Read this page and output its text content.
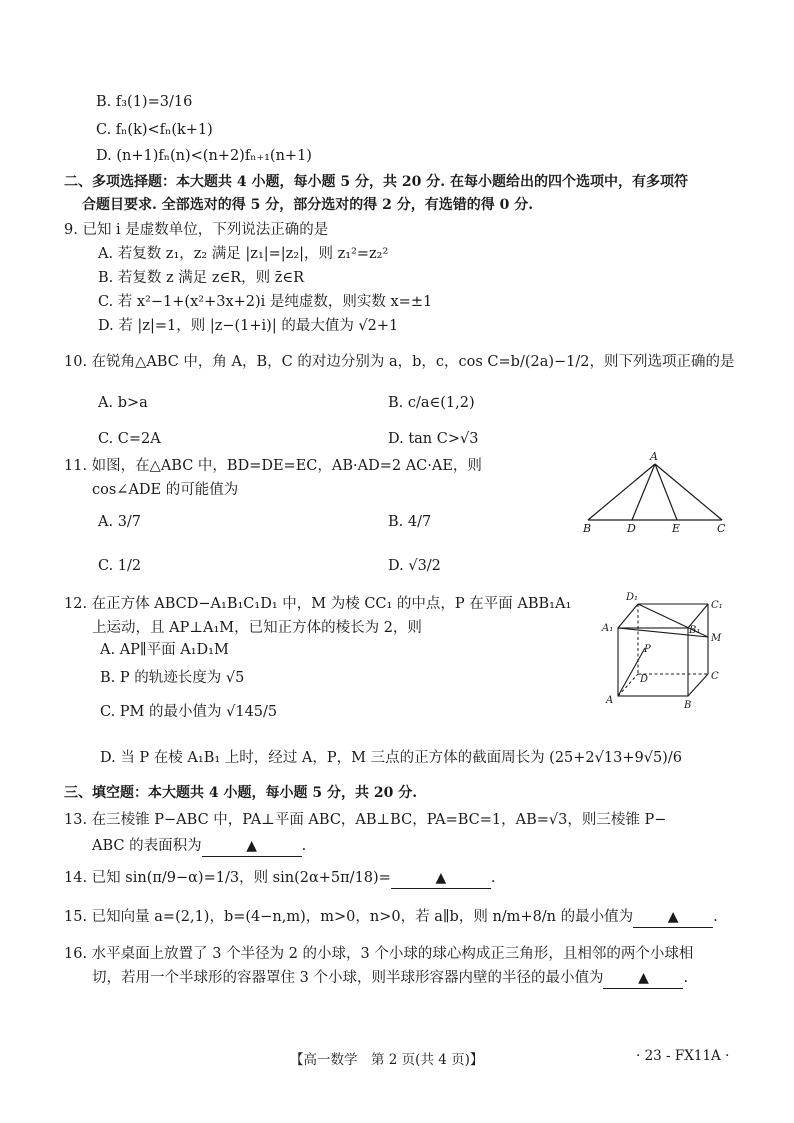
B. f₃(1)=3/16
C. fₙ(k)<fₙ(k+1)
D. (n+1)fₙ(n)<(n+2)fₙ₊₁(n+1)
二、多项选择题：本大题共 4 小题，每小题 5 分，共 20 分. 在每小题给出的四个选项中，有多项符
合题目要求. 全部选对的得 5 分，部分选对的得 2 分，有选错的得 0 分.
9. 已知 i 是虚数单位，下列说法正确的是
A. 若复数 z₁，z₂ 满足 |z₁|=|z₂|，则 z₁²=z₂²
B. 若复数 z 满足 z∈R，则 z̄∈R
C. 若 x²−1+(x²+3x+2)i 是纯虚数，则实数 x=±1
D. 若 |z|=1，则 |z−(1+i)| 的最大值为 √2+1
10. 在锐角△ABC 中，角 A，B，C 的对边分别为 a，b，c，cos C=b/(2a)−1/2，则下列选项正确的是
A. b>a	B. c/a∈(1,2)
C. C=2A	D. tan C>√3
11. 如图，在△ABC 中，BD=DE=EC，AB·AD=2 AC·AE，则
cos∠ADE 的可能值为
A. 3/7	B. 4/7
C. 1/2	D. √3/2
A
B	D	E	C
12. 在正方体 ABCD−A₁B₁C₁D₁ 中，M 为棱 CC₁ 的中点，P 在平面 ABB₁A₁
上运动，且 AP⊥A₁M，已知正方体的棱长为 2，则
A. AP∥平面 A₁D₁M
B. P 的轨迹长度为 √5
C. PM 的最小值为 √145/5
D. 当 P 在棱 A₁B₁ 上时，经过 A，P，M 三点的正方体的截面周长为 (25+2√13+9√5)/6
D₁
C₁
A₁	B₁
M
P
D	C
A	B
三、填空题：本大题共 4 小题，每小题 5 分，共 20 分.
13. 在三棱锥 P−ABC 中，PA⊥平面 ABC，AB⊥BC，PA=BC=1，AB=√3，则三棱锥 P−
ABC 的表面积为	▲	.
14. 已知 sin(π/9−α)=1/3，则 sin(2α+5π/18)=	▲	.
15. 已知向量 a=(2,1)，b=(4−n,m)，m>0，n>0，若 a∥b，则 n/m+8/n 的最小值为 ▲ .
16. 水平桌面上放置了 3 个半径为 2 的小球，3 个小球的球心构成正三角形，且相邻的两个小球相
切，若用一个半球形的容器罩住 3 个小球，则半球形容器内壁的半径的最小值为 ▲ .
【高一数学　第 2 页(共 4 页)】	· 23 - FX11A ·
